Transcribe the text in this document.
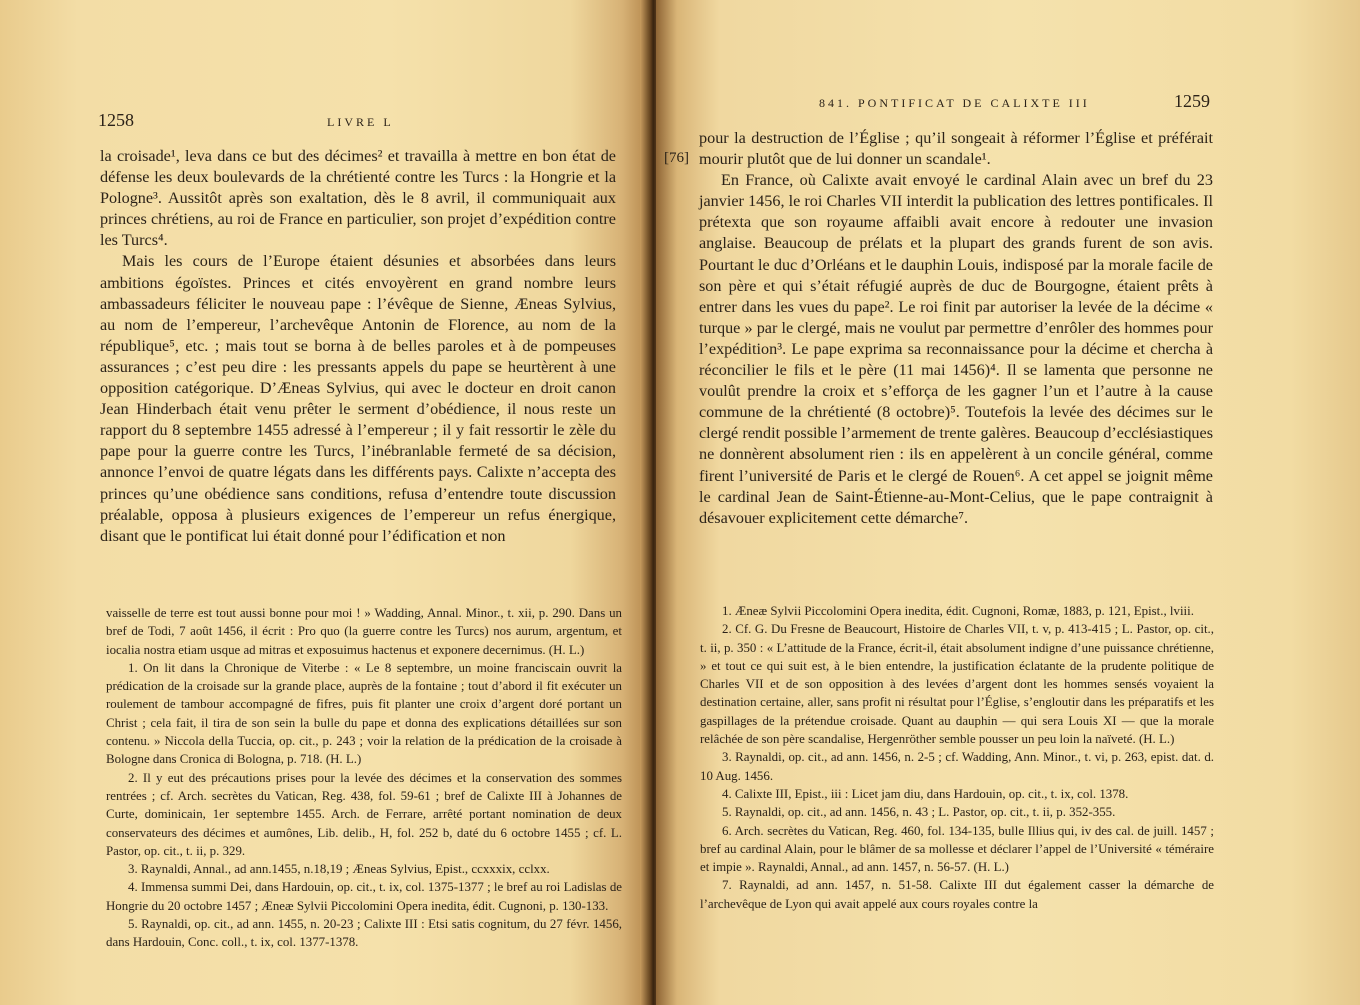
1258	LIVRE L

la croisade¹, leva dans ce but des décimes² et travailla à mettre en bon état de défense les deux boulevards de la chrétienté contre les Turcs : la Hongrie et la Pologne³. Aussitôt après son exaltation, dès le 8 avril, il communiquait aux princes chrétiens, au roi de France en particulier, son projet d’expédition contre les Turcs⁴.

Mais les cours de l’Europe étaient désunies et absorbées dans leurs ambitions égoïstes. Princes et cités envoyèrent en grand nombre leurs ambassadeurs féliciter le nouveau pape : l’évêque de Sienne, Æneas Sylvius, au nom de l’empereur, l’archevêque Antonin de Florence, au nom de la république⁵, etc. ; mais tout se borna à de belles paroles et à de pompeuses assurances ; c’est peu dire : les pressants appels du pape se heurtèrent à une opposition catégorique. D’Æneas Sylvius, qui avec le docteur en droit canon Jean Hinderbach était venu prêter le serment d’obédience, il nous reste un rapport du 8 septembre 1455 adressé à l’empereur ; il y fait ressortir le zèle du pape pour la guerre contre les Turcs, l’inébranlable fermeté de sa décision, annonce l’envoi de quatre légats dans les différents pays. Calixte n’accepta des princes qu’une obédience sans conditions, refusa d’entendre toute discussion préalable, opposa à plusieurs exigences de l’empereur un refus énergique, disant que le pontificat lui était donné pour l’édification et non

vaisselle de terre est tout aussi bonne pour moi ! » Wadding, Annal. Minor., t. xii, p. 290. Dans un bref de Todi, 7 août 1456, il écrit : Pro quo (la guerre contre les Turcs) nos aurum, argentum, et iocalia nostra etiam usque ad mitras et exposuimus hactenus et exponere decernimus. (H. L.)

1. On lit dans la Chronique de Viterbe : « Le 8 septembre, un moine franciscain ouvrit la prédication de la croisade sur la grande place, auprès de la fontaine ; tout d’abord il fit exécuter un roulement de tambour accompagné de fifres, puis fit planter une croix d’argent doré portant un Christ ; cela fait, il tira de son sein la bulle du pape et donna des explications détaillées sur son contenu. » Niccola della Tuccia, op. cit., p. 243 ; voir la relation de la prédication de la croisade à Bologne dans Cronica di Bologna, p. 718. (H. L.)

2. Il y eut des précautions prises pour la levée des décimes et la conservation des sommes rentrées ; cf. Arch. secrètes du Vatican, Reg. 438, fol. 59-61 ; bref de Calixte III à Johannes de Curte, dominicain, 1er septembre 1455. Arch. de Ferrare, arrêté portant nomination de deux conservateurs des décimes et aumônes, Lib. delib., H, fol. 252 b, daté du 6 octobre 1455 ; cf. L. Pastor, op. cit., t. ii, p. 329.

3. Raynaldi, Annal., ad ann.1455, n.18,19 ; Æneas Sylvius, Epist., ccxxxix, cclxx.

4. Immensa summi Dei, dans Hardouin, op. cit., t. ix, col. 1375-1377 ; le bref au roi Ladislas de Hongrie du 20 octobre 1457 ; Æneæ Sylvii Piccolomini Opera inedita, édit. Cugnoni, p. 130-133.

5. Raynaldi, op. cit., ad ann. 1455, n. 20-23 ; Calixte III : Etsi satis cognitum, du 27 févr. 1456, dans Hardouin, Conc. coll., t. ix, col. 1377-1378.

841. PONTIFICAT DE CALIXTE III	1259
[76]

pour la destruction de l’Église ; qu’il songeait à réformer l’Église et préférait mourir plutôt que de lui donner un scandale¹.

En France, où Calixte avait envoyé le cardinal Alain avec un bref du 23 janvier 1456, le roi Charles VII interdit la publication des lettres pontificales. Il prétexta que son royaume affaibli avait encore à redouter une invasion anglaise. Beaucoup de prélats et la plupart des grands furent de son avis. Pourtant le duc d’Orléans et le dauphin Louis, indisposé par la morale facile de son père et qui s’était réfugié auprès de duc de Bourgogne, étaient prêts à entrer dans les vues du pape². Le roi finit par autoriser la levée de la décime « turque » par le clergé, mais ne voulut par permettre d’enrôler des hommes pour l’expédition³. Le pape exprima sa reconnaissance pour la décime et chercha à réconcilier le fils et le père (11 mai 1456)⁴. Il se lamenta que personne ne voulût prendre la croix et s’efforça de les gagner l’un et l’autre à la cause commune de la chrétienté (8 octobre)⁵. Toutefois la levée des décimes sur le clergé rendit possible l’armement de trente galères. Beaucoup d’ecclésiastiques ne donnèrent absolument rien : ils en appelèrent à un concile général, comme firent l’université de Paris et le clergé de Rouen⁶. A cet appel se joignit même le cardinal Jean de Saint-Étienne-au-Mont-Celius, que le pape contraignit à désavouer explicitement cette démarche⁷.

1. Æneæ Sylvii Piccolomini Opera inedita, édit. Cugnoni, Romæ, 1883, p. 121, Epist., lviii.

2. Cf. G. Du Fresne de Beaucourt, Histoire de Charles VII, t. v, p. 413-415 ; L. Pastor, op. cit., t. ii, p. 350 : « L’attitude de la France, écrit-il, était absolument indigne d’une puissance chrétienne, » et tout ce qui suit est, à le bien entendre, la justification éclatante de la prudente politique de Charles VII et de son opposition à des levées d’argent dont les hommes sensés voyaient la destination certaine, aller, sans profit ni résultat pour l’Église, s’engloutir dans les préparatifs et les gaspillages de la prétendue croisade. Quant au dauphin — qui sera Louis XI — que la morale relâchée de son père scandalise, Hergenröther semble pousser un peu loin la naïveté. (H. L.)

3. Raynaldi, op. cit., ad ann. 1456, n. 2-5 ; cf. Wadding, Ann. Minor., t. vi, p. 263, epist. dat. d. 10 Aug. 1456.

4. Calixte III, Epist., iii : Licet jam diu, dans Hardouin, op. cit., t. ix, col. 1378.

5. Raynaldi, op. cit., ad ann. 1456, n. 43 ; L. Pastor, op. cit., t. ii, p. 352-355.

6. Arch. secrètes du Vatican, Reg. 460, fol. 134-135, bulle Illius qui, iv des cal. de juill. 1457 ; bref au cardinal Alain, pour le blâmer de sa mollesse et déclarer l’appel de l’Université « téméraire et impie ». Raynaldi, Annal., ad ann. 1457, n. 56-57. (H. L.)

7. Raynaldi, ad ann. 1457, n. 51-58. Calixte III dut également casser la démarche de l’archevêque de Lyon qui avait appelé aux cours royales contre la
